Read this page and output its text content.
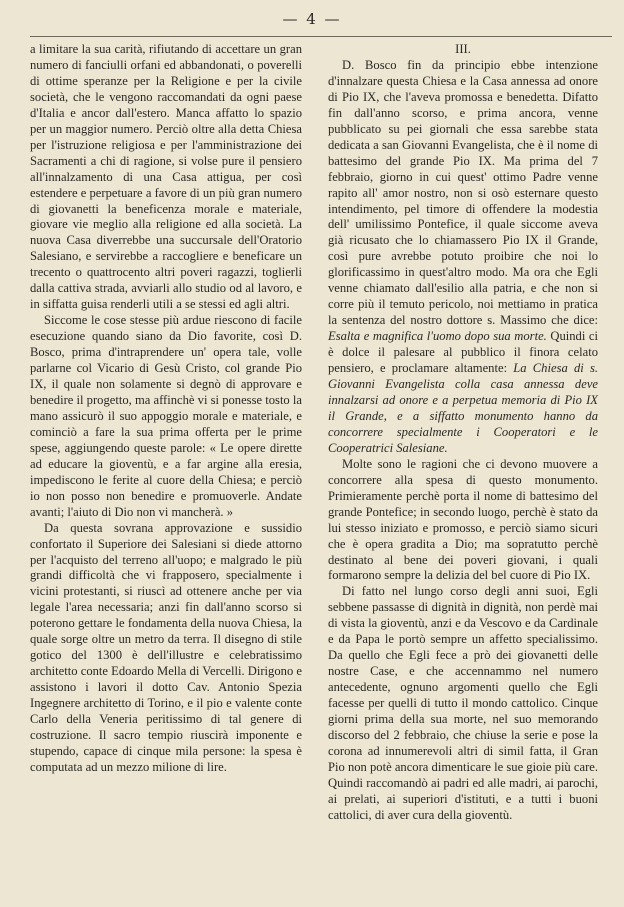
— 4 —

a limitare la sua carità, rifiutando di accettare un gran numero di fanciulli orfani ed abbandonati, o poverelli di ottime speranze per la Religione e per la civile società, che le vengono raccomandati da ogni paese d'Italia e ancor dall'estero. Manca affatto lo spazio per un maggior numero. Perciò oltre alla detta Chiesa per l'istruzione religiosa e per l'amministrazione dei Sacramenti a chi di ragione, si volse pure il pensiero all'innalzamento di una Casa attigua, per così estendere e perpetuare a favore di un più gran numero di giovanetti la beneficenza morale e materiale, giovare vie meglio alla religione ed alla società. La nuova Casa diverrebbe una succursale dell'Oratorio Salesiano, e servirebbe a raccogliere e beneficare un trecento o quattrocento altri poveri ragazzi, toglierli dalla cattiva strada, avviarli allo studio od al lavoro, e in siffatta guisa renderli utili a se stessi ed agli altri.

Siccome le cose stesse più ardue riescono di facile esecuzione quando siano da Dio favorite, così D. Bosco, prima d'intraprendere un' opera tale, volle parlarne col Vicario di Gesù Cristo, col grande Pio IX, il quale non solamente si degnò di approvare e benedire il progetto, ma affinchè vi si ponesse tosto la mano assicurò il suo appoggio morale e materiale, e cominciò a fare la sua prima offerta per le prime spese, aggiungendo queste parole: « Le opere dirette ad educare la gioventù, e a far argine alla eresia, impediscono le ferite al cuore della Chiesa; e perciò io non posso non benedire e promuoverle. Andate avanti; l'aiuto di Dio non vi mancherà. »

Da questa sovrana approvazione e sussidio confortato il Superiore dei Salesiani si diede attorno per l'acquisto del terreno all'uopo; e malgrado le più grandi difficoltà che vi frapposero, specialmente i vicini protestanti, si riuscì ad ottenere anche per via legale l'area necessaria; anzi fin dall'anno scorso si poterono gettare le fondamenta della nuova Chiesa, la quale sorge oltre un metro da terra. Il disegno di stile gotico del 1300 è dell'illustre e celebratissimo architetto conte Edoardo Mella di Vercelli. Dirigono e assistono i lavori il dotto Cav. Antonio Spezia Ingegnere architetto di Torino, e il pio e valente conte Carlo della Veneria peritissimo di tal genere di costruzione. Il sacro tempio riuscirà imponente e stupendo, capace di cinque mila persone: la spesa è computata ad un mezzo milione di lire.

III.

D. Bosco fin da principio ebbe intenzione d'innalzare questa Chiesa e la Casa annessa ad onore di Pio IX, che l'aveva promossa e benedetta. Difatto fin dall'anno scorso, e prima ancora, venne pubblicato su pei giornali che essa sarebbe stata dedicata a san Giovanni Evangelista, che è il nome di battesimo del grande Pio IX. Ma prima del 7 febbraio, giorno in cui quest' ottimo Padre venne rapito all' amor nostro, non si osò esternare questo intendimento, pel timore di offendere la modestia dell' umilissimo Pontefice, il quale siccome aveva già ricusato che lo chiamassero Pio IX il Grande, così pure avrebbe potuto proibire che noi lo glorificassimo in quest'altro modo. Ma ora che Egli venne chiamato dall'esilio alla patria, e che non si corre più il temuto pericolo, noi mettiamo in pratica la sentenza del nostro dottore s. Massimo che dice: Esalta e magnifica l'uomo dopo sua morte. Quindi ci è dolce il palesare al pubblico il finora celato pensiero, e proclamare altamente: La Chiesa di s. Giovanni Evangelista colla casa annessa deve innalzarsi ad onore e a perpetua memoria di Pio IX il Grande, e a siffatto monumento hanno da concorrere specialmente i Cooperatori e le Cooperatrici Salesiane.

Molte sono le ragioni che ci devono muovere a concorrere alla spesa di questo monumento. Primieramente perchè porta il nome di battesimo del grande Pontefice; in secondo luogo, perchè è stato da lui stesso iniziato e promosso, e perciò siamo sicuri che è opera gradita a Dio; ma sopratutto perchè destinato al bene dei poveri giovani, i quali formarono sempre la delizia del bel cuore di Pio IX.

Di fatto nel lungo corso degli anni suoi, Egli sebbene passasse di dignità in dignità, non perdè mai di vista la gioventù, anzi e da Vescovo e da Cardinale e da Papa le portò sempre un affetto specialissimo. Da quello che Egli fece a prò dei giovanetti delle nostre Case, e che accennammo nel numero antecedente, ognuno argomenti quello che Egli facesse per quelli di tutto il mondo cattolico. Cinque giorni prima della sua morte, nel suo memorando discorso del 2 febbraio, che chiuse la serie e pose la corona ad innumerevoli altri di simil fatta, il Gran Pio non potè ancora dimenticare le sue gioie più care. Quindi raccomandò ai padri ed alle madri, ai parochi, ai prelati, ai superiori d'istituti, e a tutti i buoni cattolici, di aver cura della gioventù.
